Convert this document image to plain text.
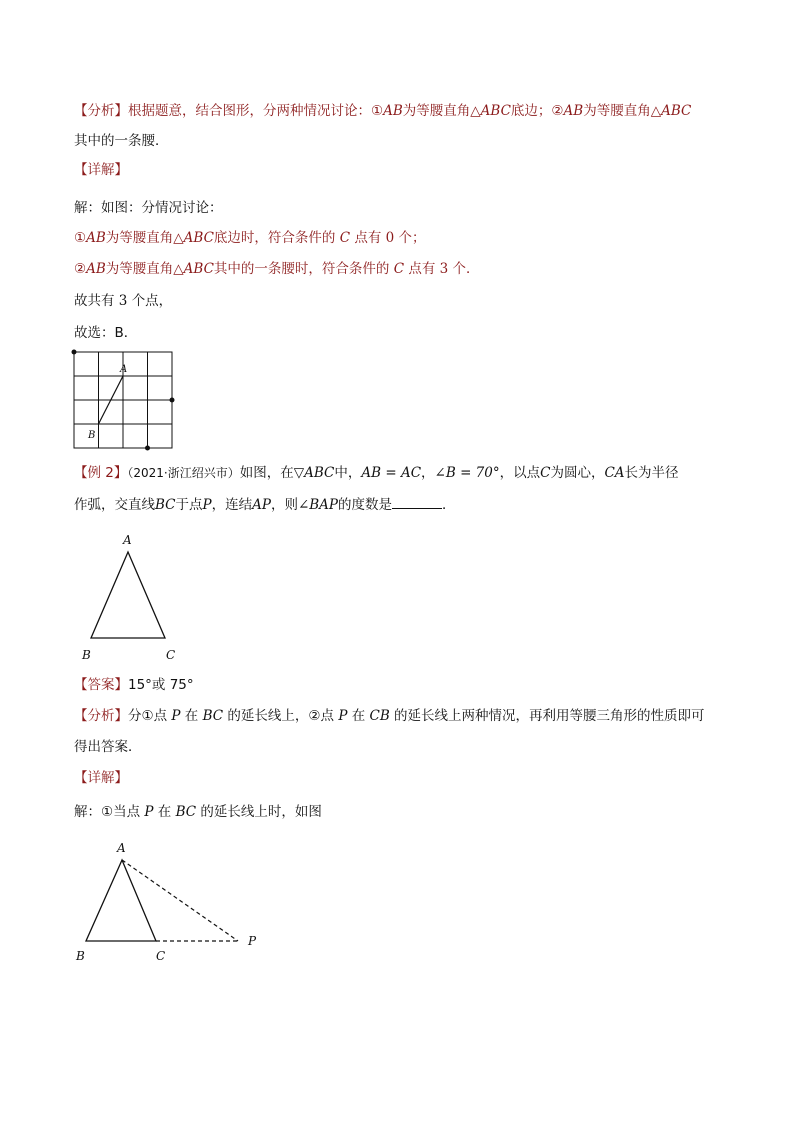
【分析】根据题意，结合图形，分两种情况讨论：①AB为等腰直角△ABC底边；②AB为等腰直角△ABC
其中的一条腰．
【详解】
解：如图：分情况讨论：
①AB为等腰直角△ABC底边时，符合条件的 C 点有 0 个；
②AB为等腰直角△ABC其中的一条腰时，符合条件的 C 点有 3 个．
故共有 3 个点，
故选：B．
A
B
【例 2】（2021·浙江绍兴市）如图，在▽ABC中，AB = AC，∠B = 70°，以点C为圆心，CA长为半径
作弧，交直线BC于点P，连结AP，则∠BAP的度数是	．
A
B	C
【答案】15°或 75°
【分析】分①点 P 在 BC 的延长线上，②点 P 在 CB 的延长线上两种情况，再利用等腰三角形的性质即可
得出答案．
【详解】
解：①当点 P 在 BC 的延长线上时，如图
A
B	C
P
